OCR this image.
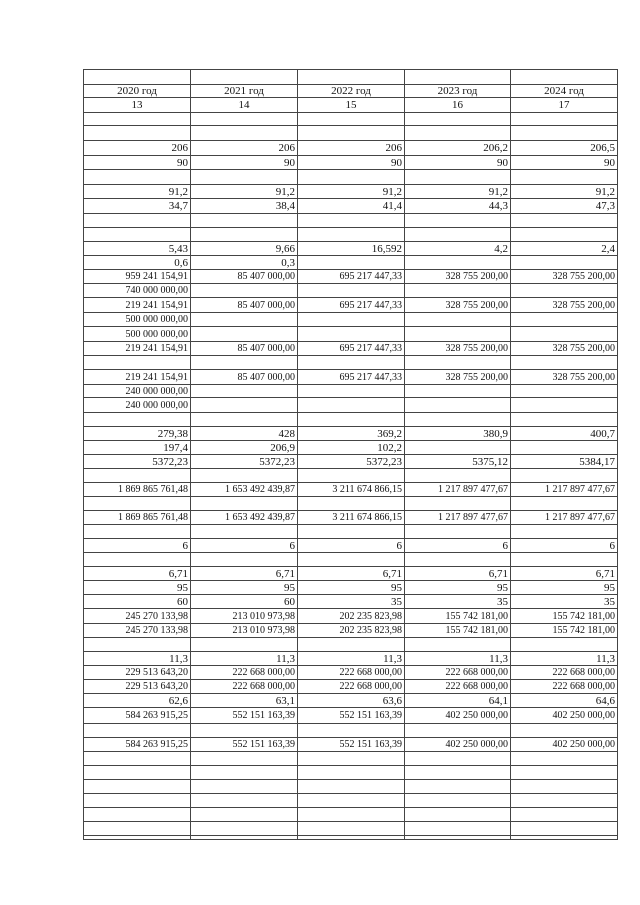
2020 год	2021 год	2022 год	2023 год	2024 год
13	14	15	16	17
206	206	206	206,2	206,5
90	90	90	90	90
91,2	91,2	91,2	91,2	91,2
34,7	38,4	41,4	44,3	47,3
5,43	9,66	16,592	4,2	2,4
0,6	0,3
959 241 154,91	85 407 000,00	695 217 447,33	328 755 200,00	328 755 200,00
740 000 000,00
219 241 154,91	85 407 000,00	695 217 447,33	328 755 200,00	328 755 200,00
500 000 000,00
500 000 000,00
219 241 154,91	85 407 000,00	695 217 447,33	328 755 200,00	328 755 200,00
219 241 154,91	85 407 000,00	695 217 447,33	328 755 200,00	328 755 200,00
240 000 000,00
240 000 000,00
279,38	428	369,2	380,9	400,7
197,4	206,9	102,2
5372,23	5372,23	5372,23	5375,12	5384,17
1 869 865 761,48	1 653 492 439,87	3 211 674 866,15	1 217 897 477,67	1 217 897 477,67
1 869 865 761,48	1 653 492 439,87	3 211 674 866,15	1 217 897 477,67	1 217 897 477,67
6	6	6	6	6
6,71	6,71	6,71	6,71	6,71
95	95	95	95	95
60	60	35	35	35
245 270 133,98	213 010 973,98	202 235 823,98	155 742 181,00	155 742 181,00
245 270 133,98	213 010 973,98	202 235 823,98	155 742 181,00	155 742 181,00
11,3	11,3	11,3	11,3	11,3
229 513 643,20	222 668 000,00	222 668 000,00	222 668 000,00	222 668 000,00
229 513 643,20	222 668 000,00	222 668 000,00	222 668 000,00	222 668 000,00
62,6	63,1	63,6	64,1	64,6
584 263 915,25	552 151 163,39	552 151 163,39	402 250 000,00	402 250 000,00
584 263 915,25	552 151 163,39	552 151 163,39	402 250 000,00	402 250 000,00
